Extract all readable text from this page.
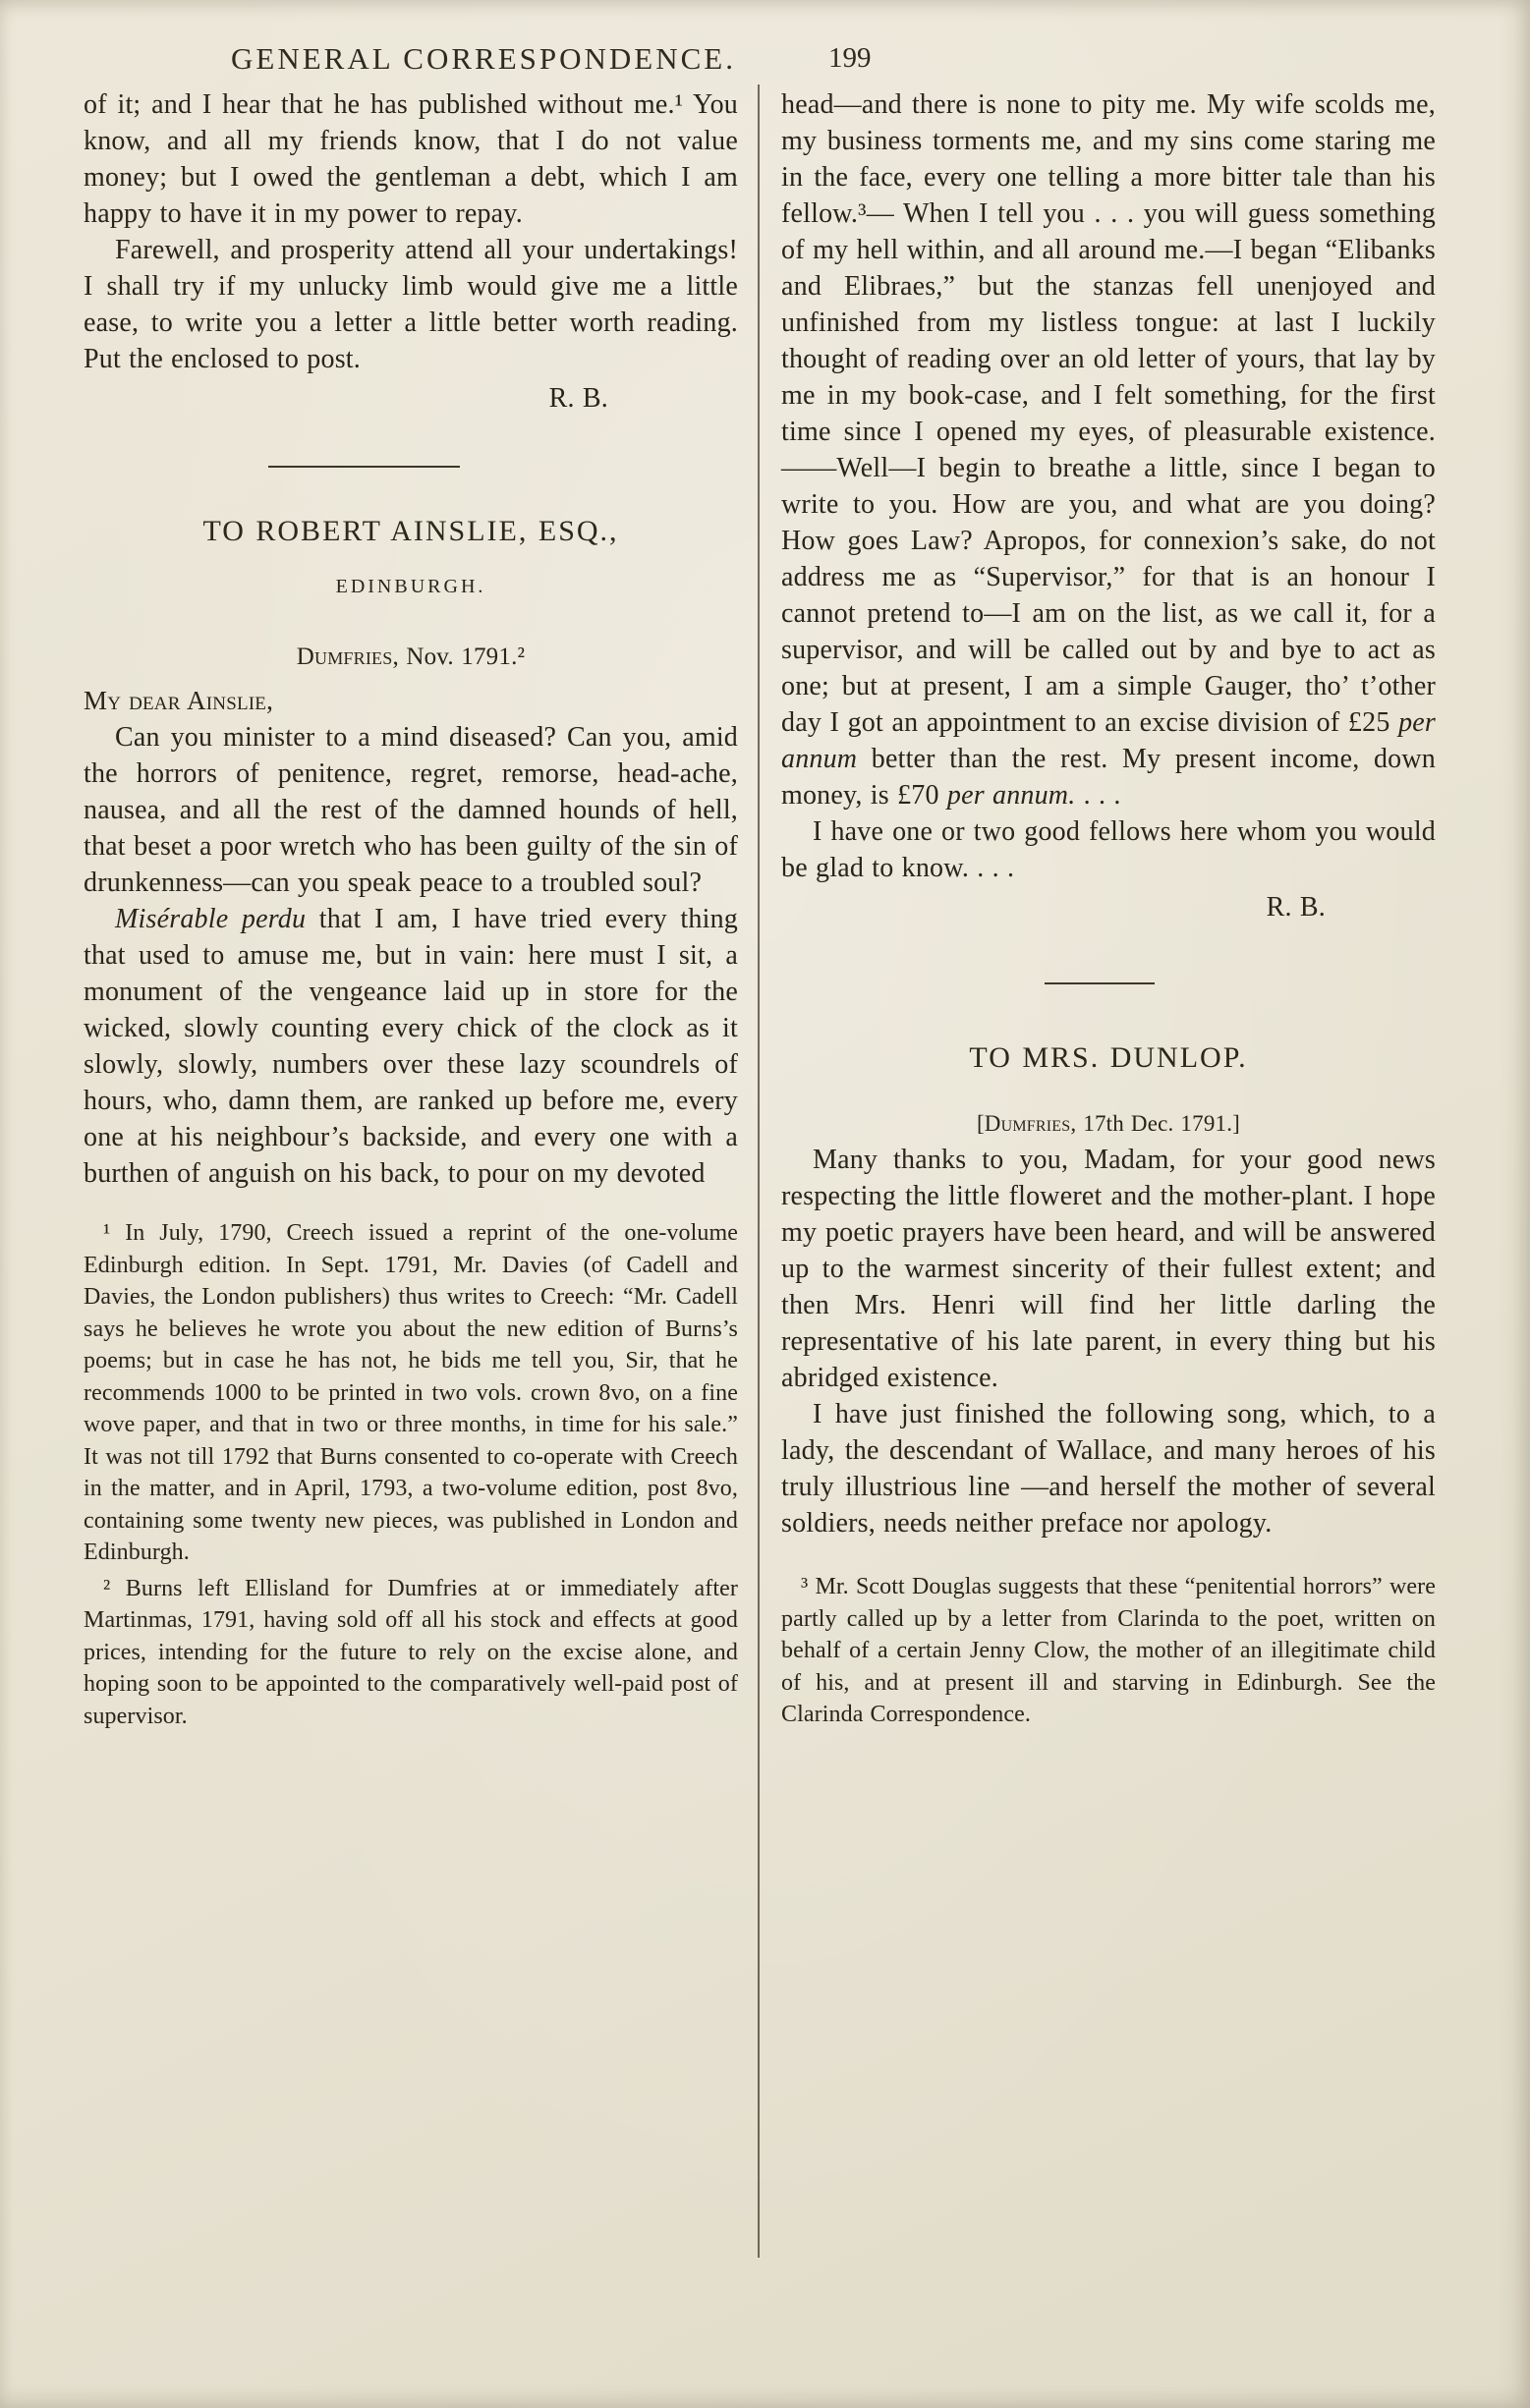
GENERAL CORRESPONDENCE.	199

of it; and I hear that he has published without me.¹ You know, and all my friends know, that I do not value money; but I owed the gentleman a debt, which I am happy to have it in my power to repay.

Farewell, and prosperity attend all your undertakings! I shall try if my unlucky limb would give me a little ease, to write you a letter a little better worth reading. Put the enclosed to post.

R. B.
TO ROBERT AINSLIE, ESQ.,
EDINBURGH.
Dumfries, Nov. 1791.²
My dear Ainslie,

Can you minister to a mind diseased? Can you, amid the horrors of penitence, regret, remorse, head-ache, nausea, and all the rest of the damned hounds of hell, that beset a poor wretch who has been guilty of the sin of drunkenness—can you speak peace to a troubled soul?

Misérable perdu that I am, I have tried every thing that used to amuse me, but in vain: here must I sit, a monument of the vengeance laid up in store for the wicked, slowly counting every chick of the clock as it slowly, slowly, numbers over these lazy scoundrels of hours, who, damn them, are ranked up before me, every one at his neighbour’s backside, and every one with a burthen of anguish on his back, to pour on my devoted

¹ In July, 1790, Creech issued a reprint of the one-volume Edinburgh edition. In Sept. 1791, Mr. Davies (of Cadell and Davies, the London publishers) thus writes to Creech: “Mr. Cadell says he believes he wrote you about the new edition of Burns’s poems; but in case he has not, he bids me tell you, Sir, that he recommends 1000 to be printed in two vols. crown 8vo, on a fine wove paper, and that in two or three months, in time for his sale.” It was not till 1792 that Burns consented to co-operate with Creech in the matter, and in April, 1793, a two-volume edition, post 8vo, containing some twenty new pieces, was published in London and Edinburgh.

² Burns left Ellisland for Dumfries at or immediately after Martinmas, 1791, having sold off all his stock and effects at good prices, intending for the future to rely on the excise alone, and hoping soon to be appointed to the comparatively well-paid post of supervisor.

head—and there is none to pity me. My wife scolds me, my business torments me, and my sins come staring me in the face, every one telling a more bitter tale than his fellow.³— When I tell you . . . you will guess something of my hell within, and all around me.—I began “Elibanks and Elibraes,” but the stanzas fell unenjoyed and unfinished from my listless tongue: at last I luckily thought of reading over an old letter of yours, that lay by me in my book-case, and I felt something, for the first time since I opened my eyes, of pleasurable existence.——Well—I begin to breathe a little, since I began to write to you. How are you, and what are you doing? How goes Law? Apropos, for connexion’s sake, do not address me as “Supervisor,” for that is an honour I cannot pretend to—I am on the list, as we call it, for a supervisor, and will be called out by and bye to act as one; but at present, I am a simple Gauger, tho’ t’other day I got an appointment to an excise division of £25 per annum better than the rest. My present income, down money, is £70 per annum. . . .

I have one or two good fellows here whom you would be glad to know. . . .

R. B.
TO MRS. DUNLOP.
[Dumfries, 17th Dec. 1791.]

Many thanks to you, Madam, for your good news respecting the little floweret and the mother-plant. I hope my poetic prayers have been heard, and will be answered up to the warmest sincerity of their fullest extent; and then Mrs. Henri will find her little darling the representative of his late parent, in every thing but his abridged existence.

I have just finished the following song, which, to a lady, the descendant of Wallace, and many heroes of his truly illustrious line —and herself the mother of several soldiers, needs neither preface nor apology.

³ Mr. Scott Douglas suggests that these “penitential horrors” were partly called up by a letter from Clarinda to the poet, written on behalf of a certain Jenny Clow, the mother of an illegitimate child of his, and at present ill and starving in Edinburgh. See the Clarinda Correspondence.
